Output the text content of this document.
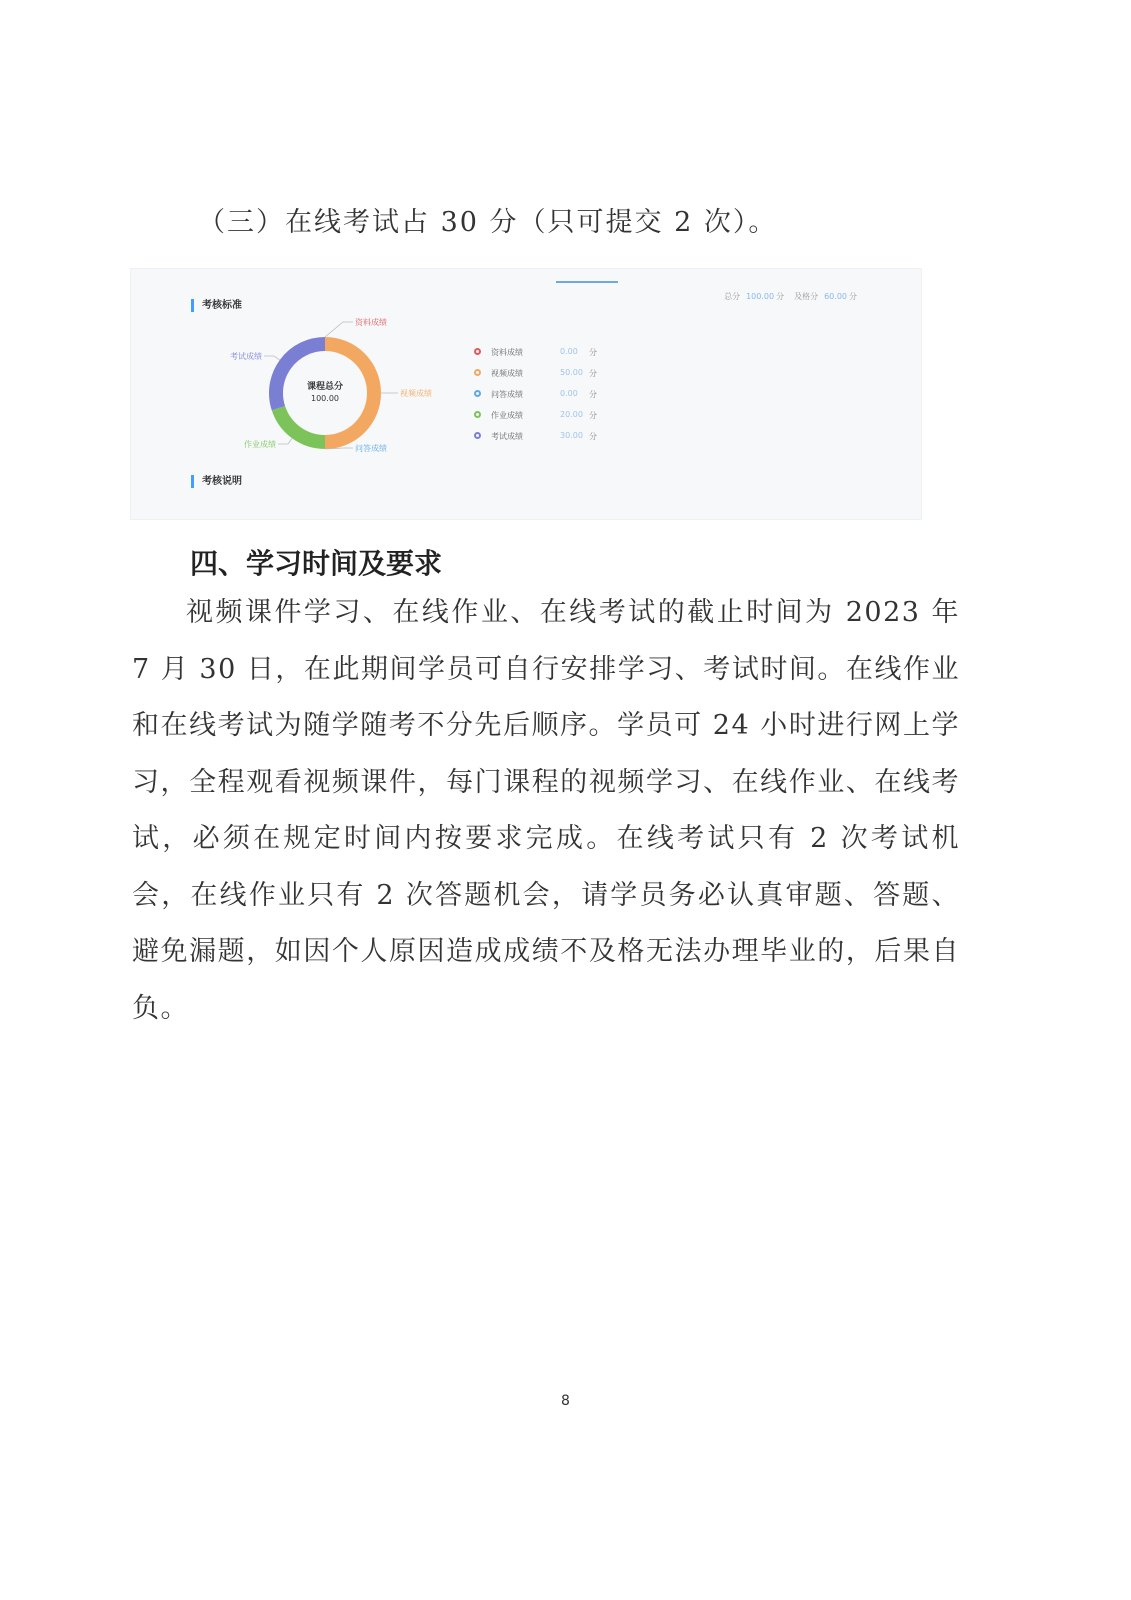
（三）在线考试占 30 分（只可提交 2 次）。
考核标准
总分 100.00 分 及格分 60.00 分
资料成绩
视频成绩
问答成绩
作业成绩
考试成绩
课程总分
100.00
资料成绩	0.00 分
视频成绩	50.00 分
问答成绩	0.00 分
作业成绩	20.00 分
考试成绩	30.00 分
考核说明
四、学习时间及要求

视频课件学习、在线作业、在线考试的截止时间为 2023 年 7 月 30 日，在此期间学员可自行安排学习、考试时间。在线作业和在线考试为随学随考不分先后顺序。学员可 24 小时进行网上学习，全程观看视频课件，每门课程的视频学习、在线作业、在线考试，必须在规定时间内按要求完成。在线考试只有 2 次考试机会，在线作业只有 2 次答题机会，请学员务必认真审题、答题、避免漏题，如因个人原因造成成绩不及格无法办理毕业的，后果自负。

8
